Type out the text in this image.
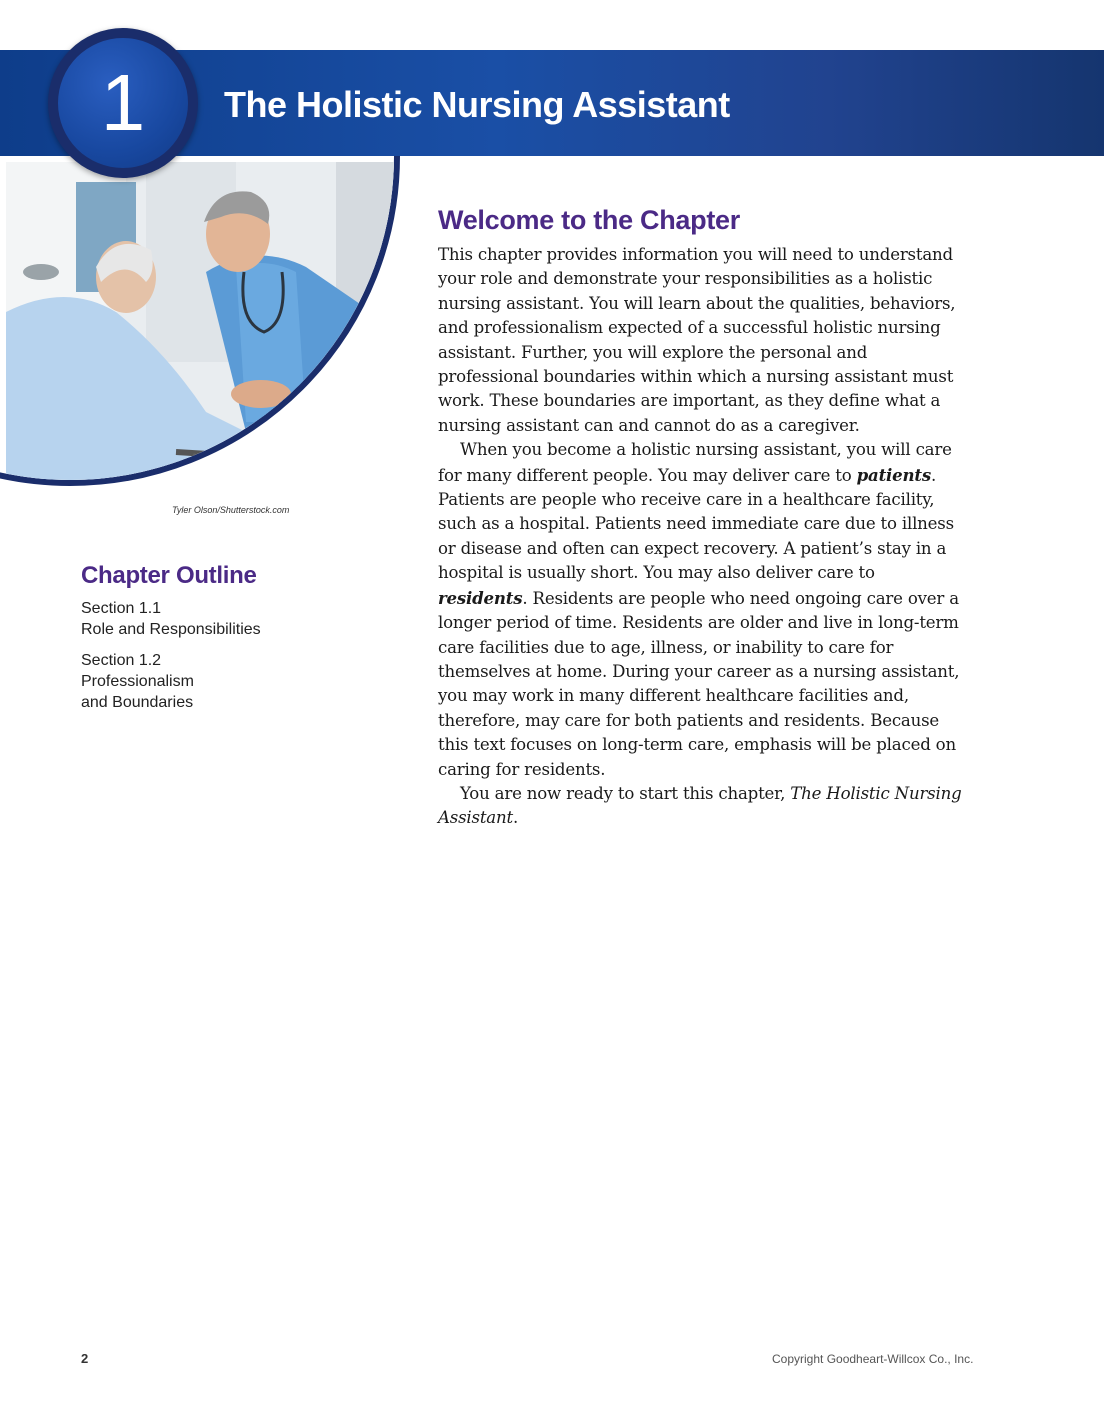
The Holistic Nursing Assistant
1
Tyler Olson/Shutterstock.com
Chapter Outline
Section 1.1
Role and Responsibilities
Section 1.2
Professionalism
and Boundaries
Welcome to the Chapter

This chapter provides information you will need to understand your role and demonstrate your responsibilities as a holistic nursing assistant. You will learn about the qualities, behaviors, and professionalism expected of a successful holistic nursing assistant. Further, you will explore the personal and professional boundaries within which a nursing assistant must work. These boundaries are important, as they define what a nursing assistant can and cannot do as a caregiver.

When you become a holistic nursing assistant, you will care for many different people. You may deliver care to patients. Patients are people who receive care in a healthcare facility, such as a hospital. Patients need immediate care due to illness or disease and often can expect recovery. A patient’s stay in a hospital is usually short. You may also deliver care to residents. Residents are people who need ongoing care over a longer period of time. Residents are older and live in long-term care facilities due to age, illness, or inability to care for themselves at home. During your career as a nursing assistant, you may work in many different healthcare facilities and, therefore, may care for both patients and residents. Because this text focuses on long-term care, emphasis will be placed on caring for residents.

You are now ready to start this chapter, The Holistic Nursing Assistant.

2	Copyright Goodheart-Willcox Co., Inc.
